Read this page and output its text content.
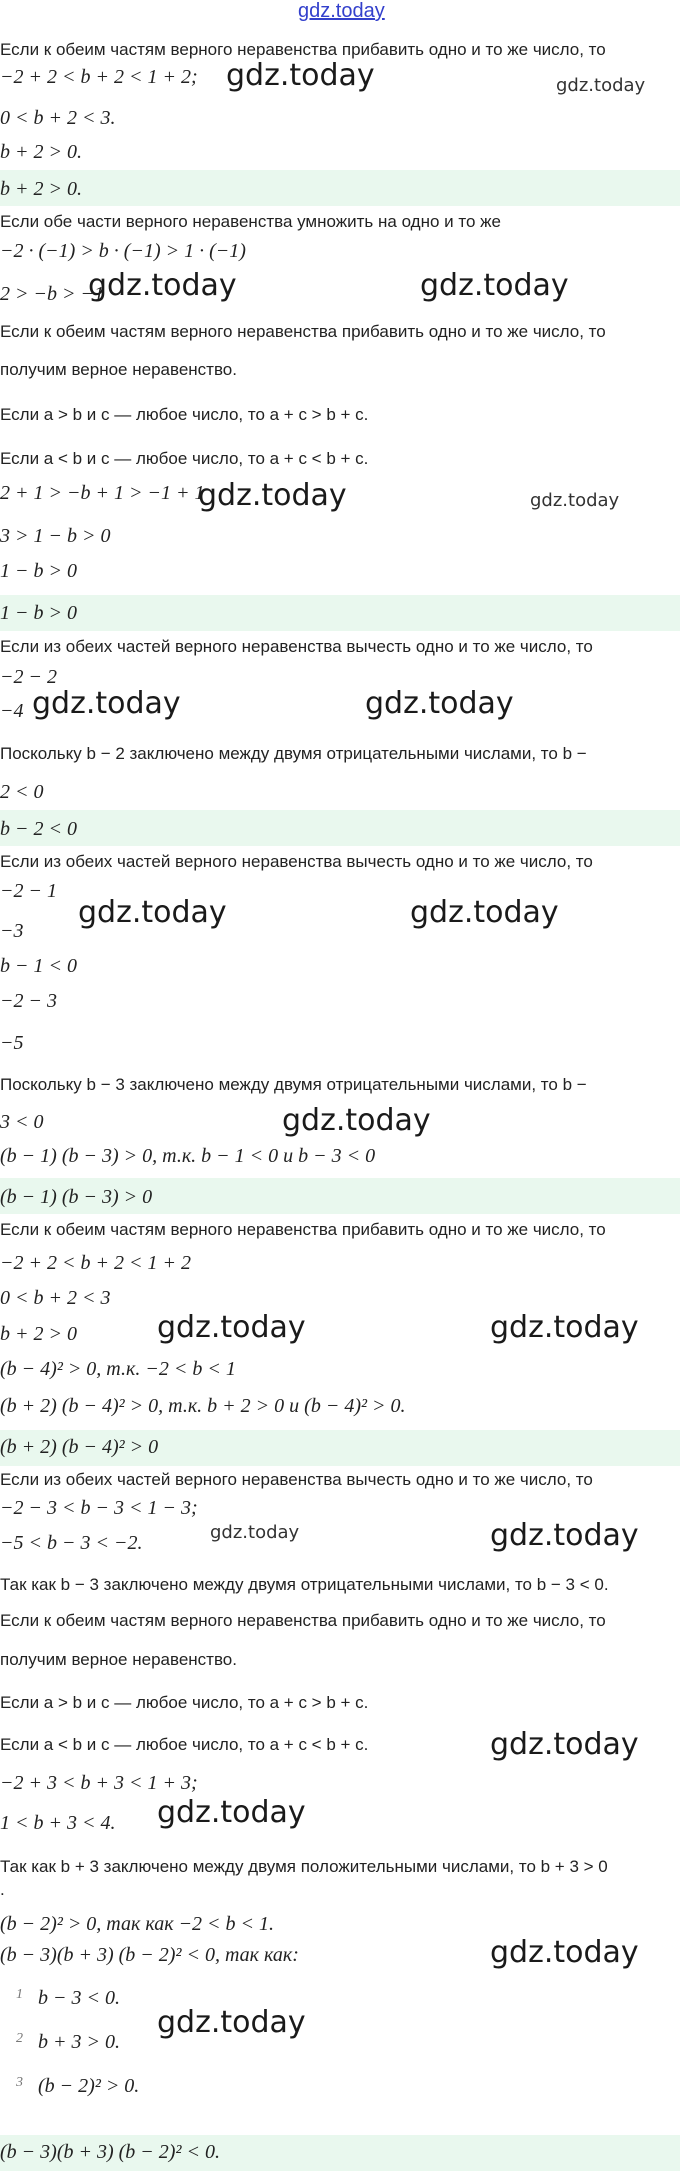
gdz.today
Если к обеим частям верного неравенства прибавить одно и то же число, то
−2 + 2 < b + 2 < 1 + 2;
0 < b + 2 < 3.
b + 2 > 0.
b + 2 > 0.
Если обе части верного неравенства умножить на одно и то же
−2 · (−1) > b · (−1) > 1 · (−1)
2 > −b > −1
Если к обеим частям верного неравенства прибавить одно и то же число, то
получим верное неравенство.
Если a > b и c — любое число, то a + c > b + c.
Если a < b и c — любое число, то a + c < b + c.
2 + 1 > −b + 1 > −1 + 1
3 > 1 − b > 0
1 − b > 0
1 − b > 0
Если из обеих частей верного неравенства вычесть одно и то же число, то
−2 − 2
−4
Поскольку b − 2 заключено между двумя отрицательными числами, то b −
2 < 0
b − 2 < 0
Если из обеих частей верного неравенства вычесть одно и то же число, то
−2 − 1
−3
b − 1 < 0
−2 − 3
−5
Поскольку b − 3 заключено между двумя отрицательными числами, то b −
3 < 0
(b − 1) (b − 3) > 0, т.к. b − 1 < 0 и b − 3 < 0
(b − 1) (b − 3) > 0
Если к обеим частям верного неравенства прибавить одно и то же число, то
−2 + 2 < b + 2 < 1 + 2
0 < b + 2 < 3
b + 2 > 0
(b − 4)² > 0, т.к. −2 < b < 1
(b + 2) (b − 4)² > 0, т.к. b + 2 > 0 и (b − 4)² > 0.
(b + 2) (b − 4)² > 0
Если из обеих частей верного неравенства вычесть одно и то же число, то
−2 − 3 < b − 3 < 1 − 3;
−5 < b − 3 < −2.
Так как b − 3 заключено между двумя отрицательными числами, то b − 3 < 0.
Если к обеим частям верного неравенства прибавить одно и то же число, то
получим верное неравенство.
Если a > b и c — любое число, то a + c > b + c.
Если a < b и c — любое число, то a + c < b + c.
−2 + 3 < b + 3 < 1 + 3;
1 < b + 3 < 4.
Так как b + 3 заключено между двумя положительными числами, то b + 3 > 0
.
(b − 2)² > 0, так как −2 < b < 1.
(b − 3)(b + 3) (b − 2)² < 0, так как:
1 b − 3 < 0.
2 b + 3 > 0.
3 (b − 2)² > 0.
(b − 3)(b + 3) (b − 2)² < 0.
gdz.today	gdz.today
gdz.today	gdz.today
gdz.today	gdz.today
gdz.today	gdz.today
gdz.today	gdz.today
gdz.today
gdz.today	gdz.today
gdz.today	gdz.today
gdz.today
gdz.today
gdz.today
gdz.today
